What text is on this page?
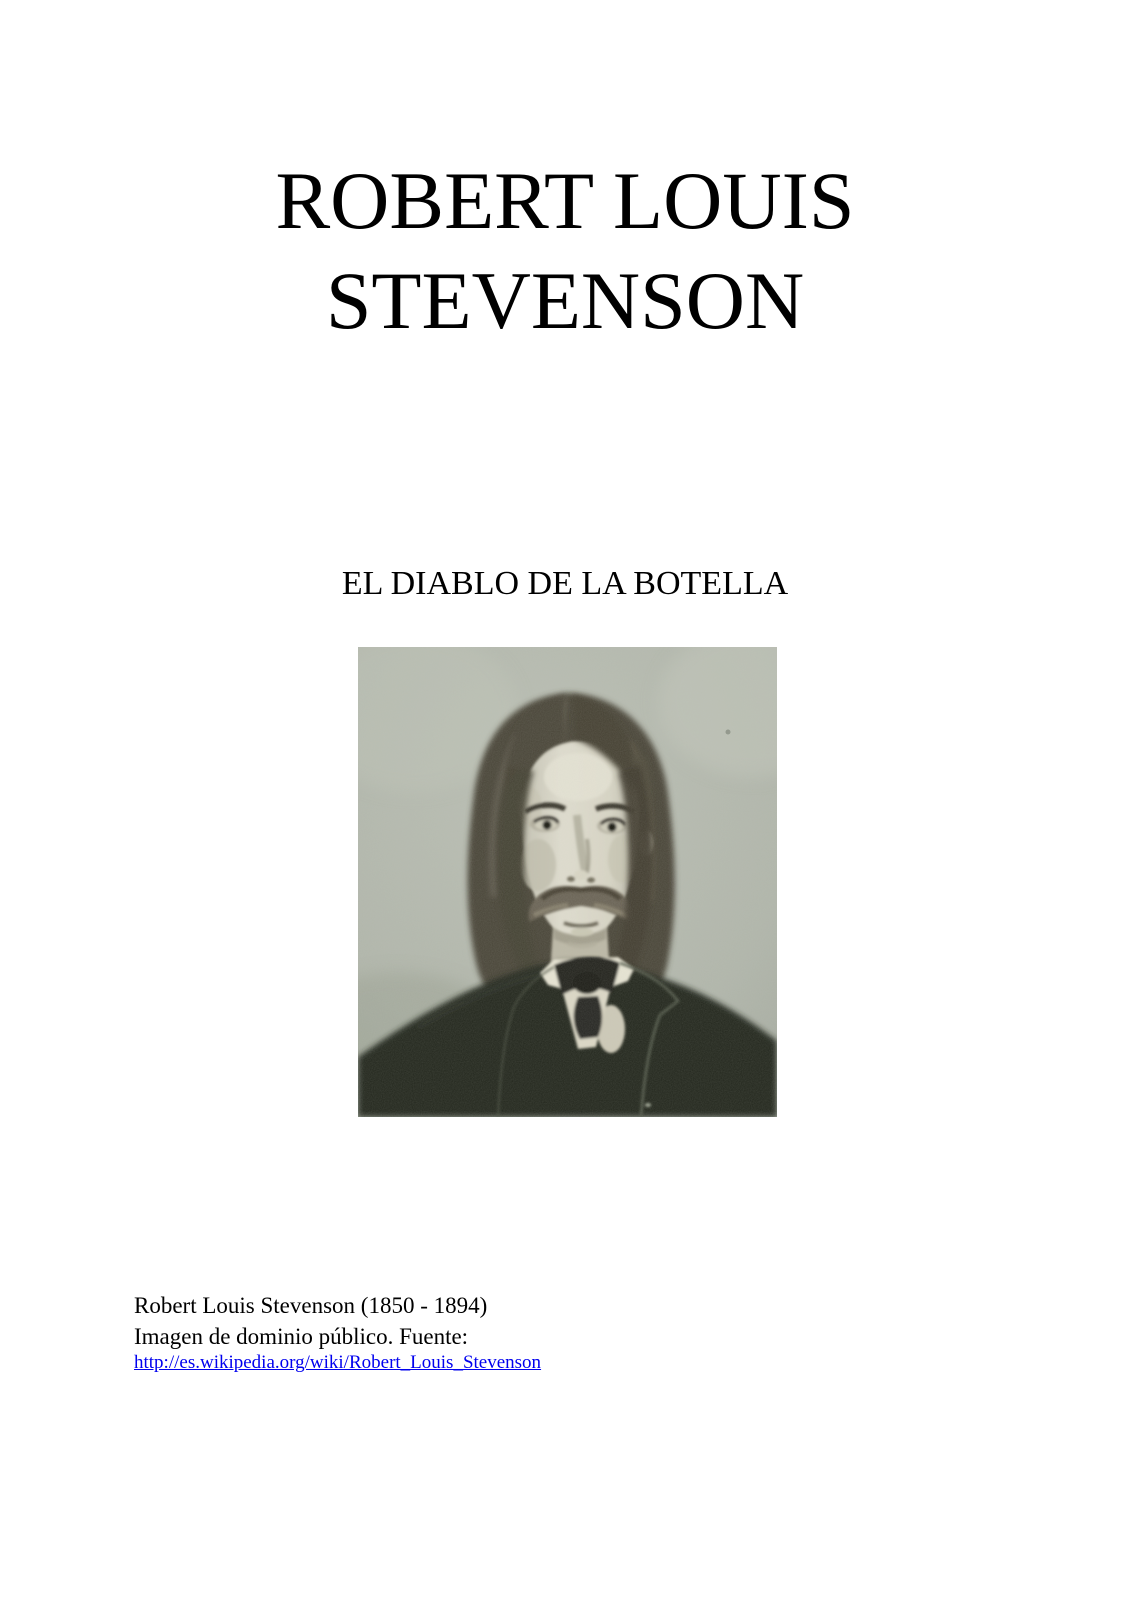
ROBERT LOUIS
STEVENSON
EL DIABLO DE LA BOTELLA
Robert Louis Stevenson (1850 - 1894)
Imagen de dominio público. Fuente:
http://es.wikipedia.org/wiki/Robert_Louis_Stevenson
